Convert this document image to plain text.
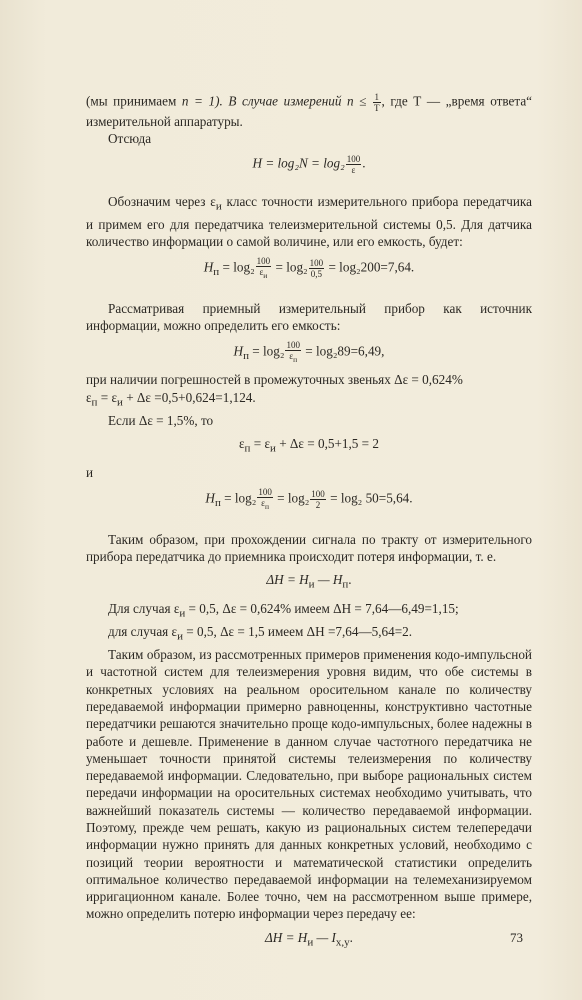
(мы принимаем n = 1). В случае измерений $n \le \frac{1}{T}$ , где Т — „время ответа“ измерительной аппаратуры.

Отсюда

$H = \log_2N = \log_2 \frac{100}{\varepsilon}$ .

Обозначим через $\varepsilon_и$ класс точности измерительного прибора передатчика и примем его для передатчика телеизмерительной системы 0,5. Для датчика количество информации о самой воличине, или его емкость, будет:

$H_п = \log_2 \frac{100}{\varepsilon_и} = \log_2 \frac{100}{0,5} = \log_2200=7,64$.

Рассматривая приемный измерительный прибор как источник информации, можно определить его емкость:

$H_п = \log_2 \frac{100}{\varepsilon_п} = \log_289=6,49$,

при наличии погрешностей в промежуточных звеньях Δε = 0,624%
$\varepsilon_п = \varepsilon_и + \Delta\varepsilon =0,5+0,624=1,124$.

Если Δε = 1,5%, то

$\varepsilon_п = \varepsilon_и + \Delta\varepsilon = 0,5+1,5 = 2$

и

$H_п = \log_2 \frac{100}{\varepsilon_п} = \log_2 \frac{100}{2} = \log_2$ 50=5,64.

Таким образом, при прохождении сигнала по тракту от измерительного прибора передатчика до приемника происходит потеря информации, т. е.

$\Delta H = H_и$ — $H_п$.

Для случая $\varepsilon_и = 0,5$, Δε = 0,624% имеем ΔH = 7,64—6,49=1,15;

для случая $\varepsilon_и = 0,5$, Δε = 1,5 имеем ΔH =7,64—5,64=2.

Таким образом, из рассмотренных примеров применения кодо-импульсной и частотной систем для телеизмерения уровня видим, что обе системы в конкретных условиях на реальном оросительном канале по количеству передаваемой информации примерно равноценны, конструктивно частотные передатчики решаются значительно проще кодо-импульсных, более надежны в работе и дешевле. Применение в данном случае частотного передатчика не уменьшает точности принятой системы телеизмерения по количеству передаваемой информации. Следовательно, при выборе рациональных систем передачи информации на оросительных системах необходимо учитывать, что важнейший показатель системы — количество передаваемой информации. Поэтому, прежде чем решать, какую из рациональных систем телепередачи информации нужно принять для данных конкретных условий, необходимо с позиций теории вероятности и математической статистики определить оптимальное количество передаваемой информации на телемеханизируемом ирригационном канале. Более точно, чем на рассмотренном выше примере, можно определить потерю информации через передачу ее:

$\Delta H = H_и$ — $I_{x,y}$.	73
